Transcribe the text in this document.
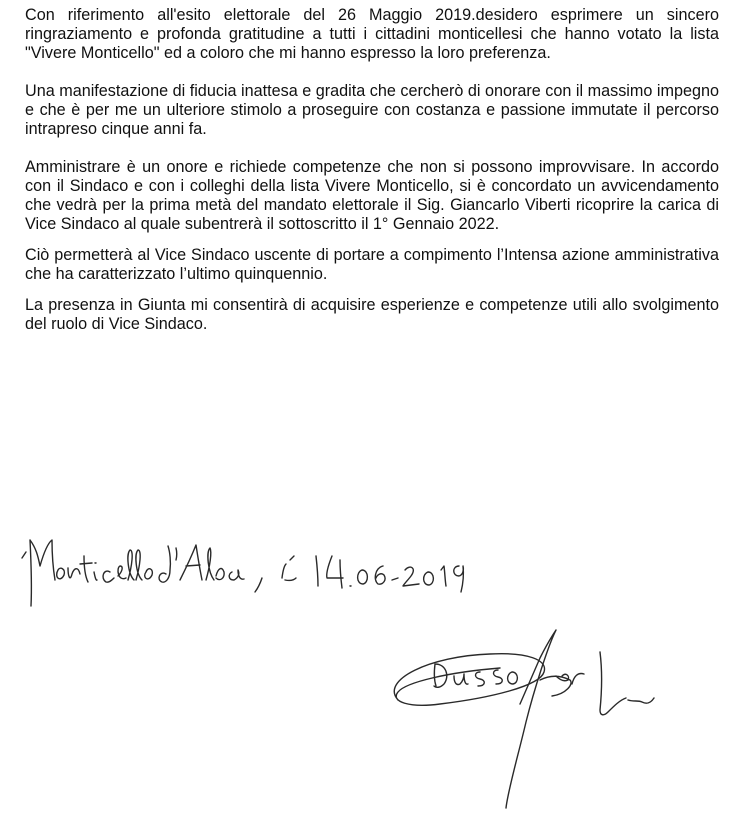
Con riferimento all'esito elettorale del 26 Maggio 2019.desidero esprimere un sincero ringraziamento e profonda gratitudine a tutti i cittadini monticellesi che hanno votato la lista "Vivere Monticello" ed a coloro che mi hanno espresso la loro preferenza.

Una manifestazione di fiducia inattesa e gradita che cercherò di onorare con il massimo impegno e che è per me un ulteriore stimolo a proseguire con costanza e passione immutate il percorso intrapreso cinque anni fa.

Amministrare è un onore e richiede competenze che non si possono improvvisare. In accordo con il Sindaco e con i colleghi della lista Vivere Monticello, si è concordato un avvicendamento che vedrà per la prima metà del mandato elettorale il Sig. Giancarlo Viberti ricoprire la carica di Vice Sindaco al quale subentrerà il sottoscritto il 1° Gennaio 2022.

Ciò permetterà al Vice Sindaco uscente di portare a compimento l’Intensa azione amministrativa che ha caratterizzato l’ultimo quinquennio.

La presenza in Giunta mi consentirà di acquisire esperienze e competenze utili allo svolgimento del ruolo di Vice Sindaco.
